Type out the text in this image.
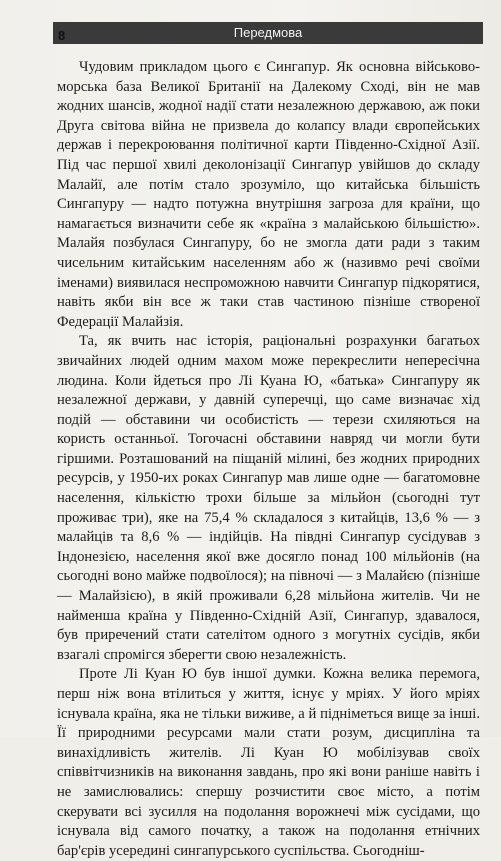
Передмова
8

Чудовим прикладом цього є Сингапур. Як основна військово-морська база Великої Британії на Далекому Сході, він не мав жодних шансів, жодної надії стати незалежною державою, аж поки Друга світова війна не призвела до колапсу влади європейських держав і перекроювання політичної карти Південно-Східної Азії. Під час першої хвилі деколонізації Сингапур увійшов до складу Малайї, але потім стало зрозуміло, що китайська більшість Сингапуру — надто потужна внутрішня загроза для країни, що намагається визначити себе як «країна з малайською більшістю». Малайя позбулася Сингапуру, бо не змогла дати ради з таким чисельним китайським населенням або ж (називмо речі своїми іменами) виявилася неспроможною навчити Сингапур підкорятися, навіть якби він все ж таки став частиною пізніше створеної Федерації Малайзія.

Та, як вчить нас історія, раціональні розрахунки багатьох звичайних людей одним махом може перекреслити непересічна людина. Коли йдеться про Лі Куана Ю, «батька» Сингапуру як незалежної держави, у давній суперечці, що саме визначає хід подій — обставини чи особистість — терези схиляються на користь останньої. Тогочасні обставини навряд чи могли бути гіршими. Розташований на піщаній мілині, без жодних природних ресурсів, у 1950-их роках Сингапур мав лише одне — багатомовне населення, кількістю трохи більше за мільйон (сьогодні тут проживає три), яке на 75,4 % складалося з китайців, 13,6 % — з малайців та 8,6 % — індійців. На півдні Сингапур сусідував з Індонезією, населення якої вже досягло понад 100 мільйонів (на сьогодні воно майже подвоїлося); на півночі — з Малайєю (пізніше — Малайзією), в якій проживали 6,28 мільйона жителів. Чи не найменша країна у Південно-Східній Азії, Сингапур, здавалося, був приречений стати сателітом одного з могутніх сусідів, якби взагалі спромігся зберегти свою незалежність.

Проте Лі Куан Ю був іншої думки. Кожна велика перемога, перш ніж вона втілиться у життя, існує у мріях. У його мріях існувала країна, яка не тільки виживе, а й підніметься вище за інші. Її природними ресурсами мали стати розум, дисципліна та винахідливість жителів. Лі Куан Ю мобілізував своїх співвітчизників на виконання завдань, про які вони раніше навіть і не замислювались: спершу розчистити своє місто, а потім скерувати всі зусилля на подолання ворожнечі між сусідами, що існувала від самого початку, а також на подолання етнічних бар'єрів усередині сингапурського суспільства. Сьогоднiш-
